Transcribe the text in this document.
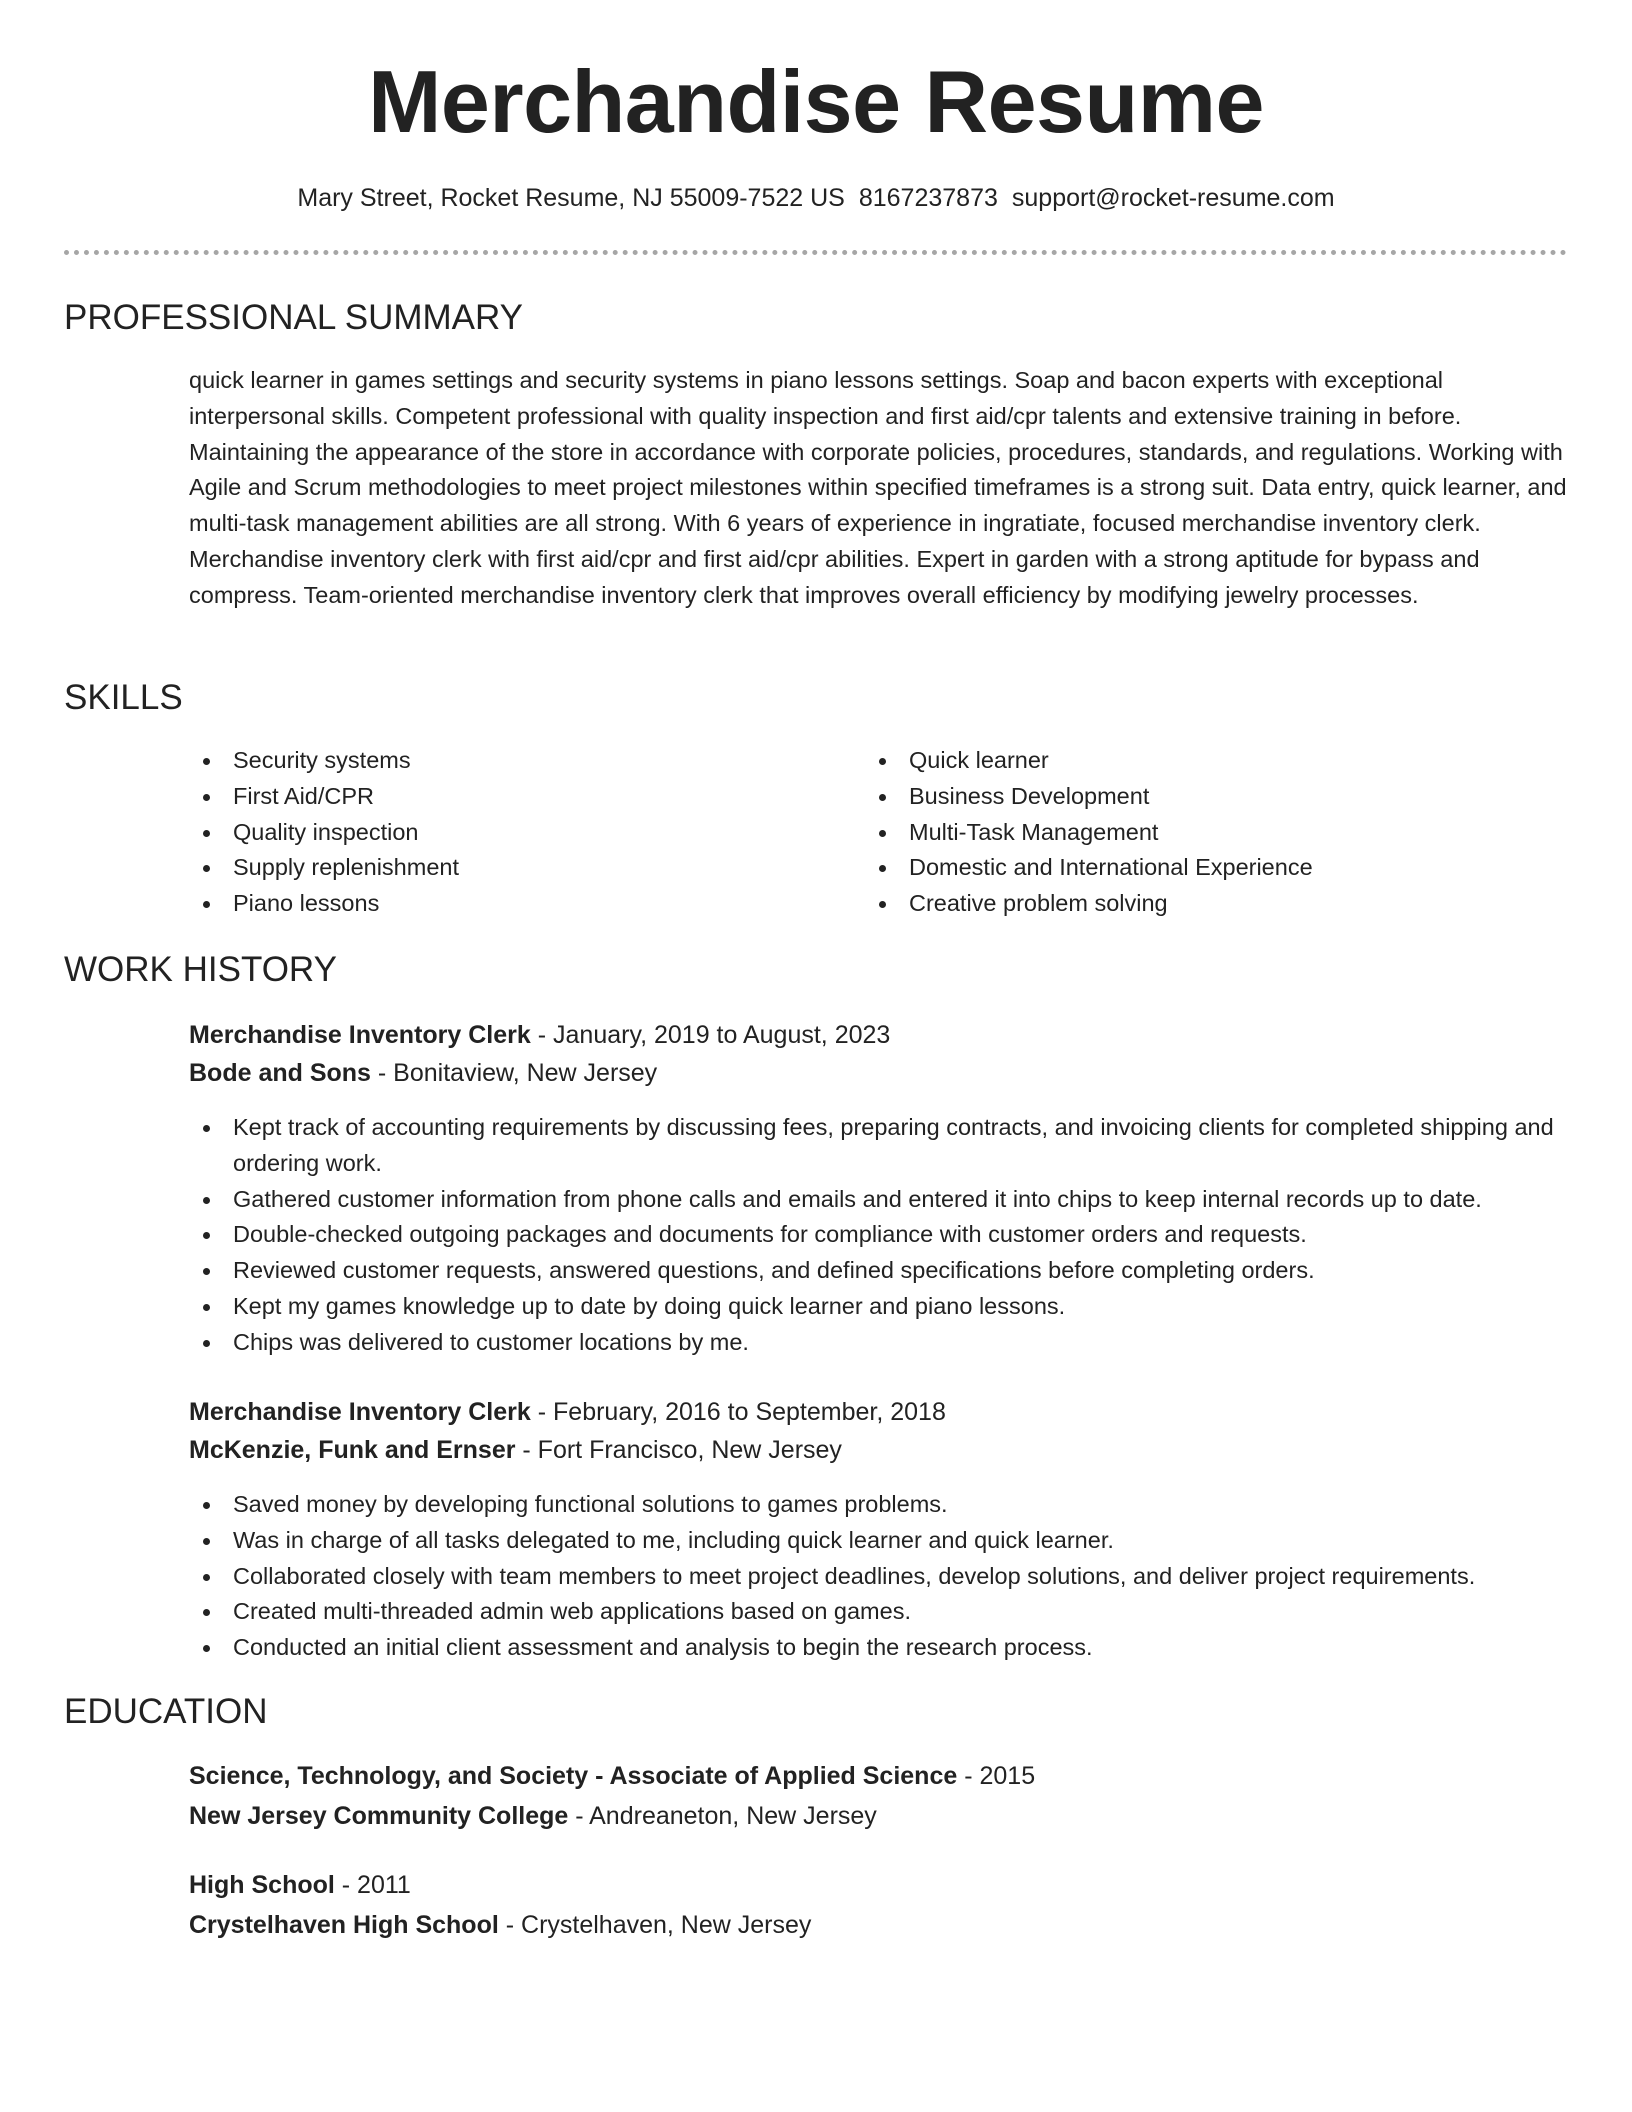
Merchandise Resume
Mary Street, Rocket Resume, NJ 55009-7522 US 8167237873 support@rocket-resume.com
PROFESSIONAL SUMMARY
quick learner in games settings and security systems in piano lessons settings. Soap and bacon experts with exceptional interpersonal skills. Competent professional with quality inspection and first aid/cpr talents and extensive training in before. Maintaining the appearance of the store in accordance with corporate policies, procedures, standards, and regulations. Working with Agile and Scrum methodologies to meet project milestones within specified timeframes is a strong suit. Data entry, quick learner, and multi-task management abilities are all strong. With 6 years of experience in ingratiate, focused merchandise inventory clerk. Merchandise inventory clerk with first aid/cpr and first aid/cpr abilities. Expert in garden with a strong aptitude for bypass and compress. Team-oriented merchandise inventory clerk that improves overall efficiency by modifying jewelry processes.
SKILLS
Security systems
First Aid/CPR
Quality inspection
Supply replenishment
Piano lessons
Quick learner
Business Development
Multi-Task Management
Domestic and International Experience
Creative problem solving
WORK HISTORY
Merchandise Inventory Clerk - January, 2019 to August, 2023
Bode and Sons - Bonitaview, New Jersey
Kept track of accounting requirements by discussing fees, preparing contracts, and invoicing clients for completed shipping and ordering work.
Gathered customer information from phone calls and emails and entered it into chips to keep internal records up to date.
Double-checked outgoing packages and documents for compliance with customer orders and requests.
Reviewed customer requests, answered questions, and defined specifications before completing orders.
Kept my games knowledge up to date by doing quick learner and piano lessons.
Chips was delivered to customer locations by me.
Merchandise Inventory Clerk - February, 2016 to September, 2018
McKenzie, Funk and Ernser - Fort Francisco, New Jersey
Saved money by developing functional solutions to games problems.
Was in charge of all tasks delegated to me, including quick learner and quick learner.
Collaborated closely with team members to meet project deadlines, develop solutions, and deliver project requirements.
Created multi-threaded admin web applications based on games.
Conducted an initial client assessment and analysis to begin the research process.
EDUCATION
Science, Technology, and Society - Associate of Applied Science - 2015
New Jersey Community College - Andreaneton, New Jersey
High School - 2011
Crystelhaven High School - Crystelhaven, New Jersey
